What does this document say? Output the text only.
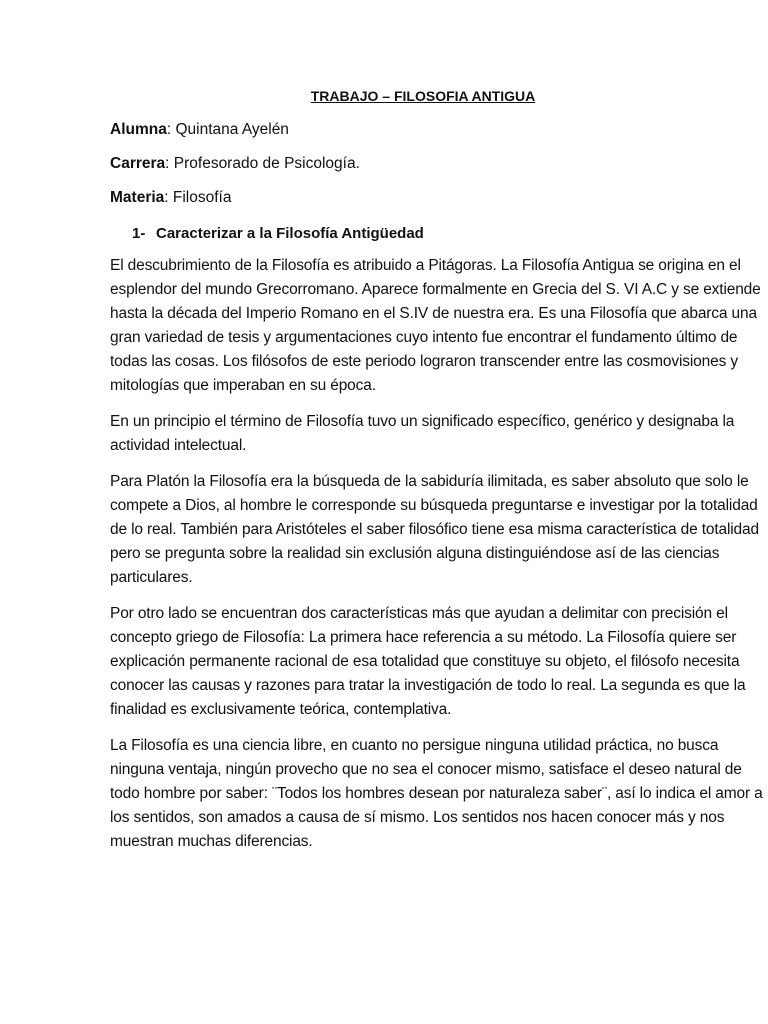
TRABAJO – FILOSOFIA ANTIGUA
Alumna: Quintana Ayelén
Carrera: Profesorado de Psicología.
Materia: Filosofía
1- Caracterizar a la Filosofía Antigüedad

El descubrimiento de la Filosofía es atribuido a Pitágoras. La Filosofía Antigua se origina en el esplendor del mundo Grecorromano. Aparece formalmente en Grecia del S. VI A.C y se extiende hasta la década del Imperio Romano en el S.IV de nuestra era. Es una Filosofía que abarca una gran variedad de tesis y argumentaciones cuyo intento fue encontrar el fundamento último de todas las cosas. Los filósofos de este periodo lograron transcender entre las cosmovisiones y mitologías que imperaban en su época.

En un principio el término de Filosofía tuvo un significado específico, genérico y designaba la actividad intelectual.

Para Platón la Filosofía era la búsqueda de la sabiduría ilimitada, es saber absoluto que solo le compete a Dios, al hombre le corresponde su búsqueda preguntarse e investigar por la totalidad de lo real. También para Aristóteles el saber filosófico tiene esa misma característica de totalidad pero se pregunta sobre la realidad sin exclusión alguna distinguiéndose así de las ciencias particulares.

Por otro lado se encuentran dos características más que ayudan a delimitar con precisión el concepto griego de Filosofía: La primera hace referencia a su método. La Filosofía quiere ser explicación permanente racional de esa totalidad que constituye su objeto, el filósofo necesita conocer las causas y razones para tratar la investigación de todo lo real. La segunda es que la finalidad es exclusivamente teórica, contemplativa.

La Filosofía es una ciencia libre, en cuanto no persigue ninguna utilidad práctica, no busca ninguna ventaja, ningún provecho que no sea el conocer mismo, satisface el deseo natural de todo hombre por saber: ¨Todos los hombres desean por naturaleza saber¨, así lo indica el amor a los sentidos, son amados a causa de sí mismo. Los sentidos nos hacen conocer más y nos muestran muchas diferencias.
